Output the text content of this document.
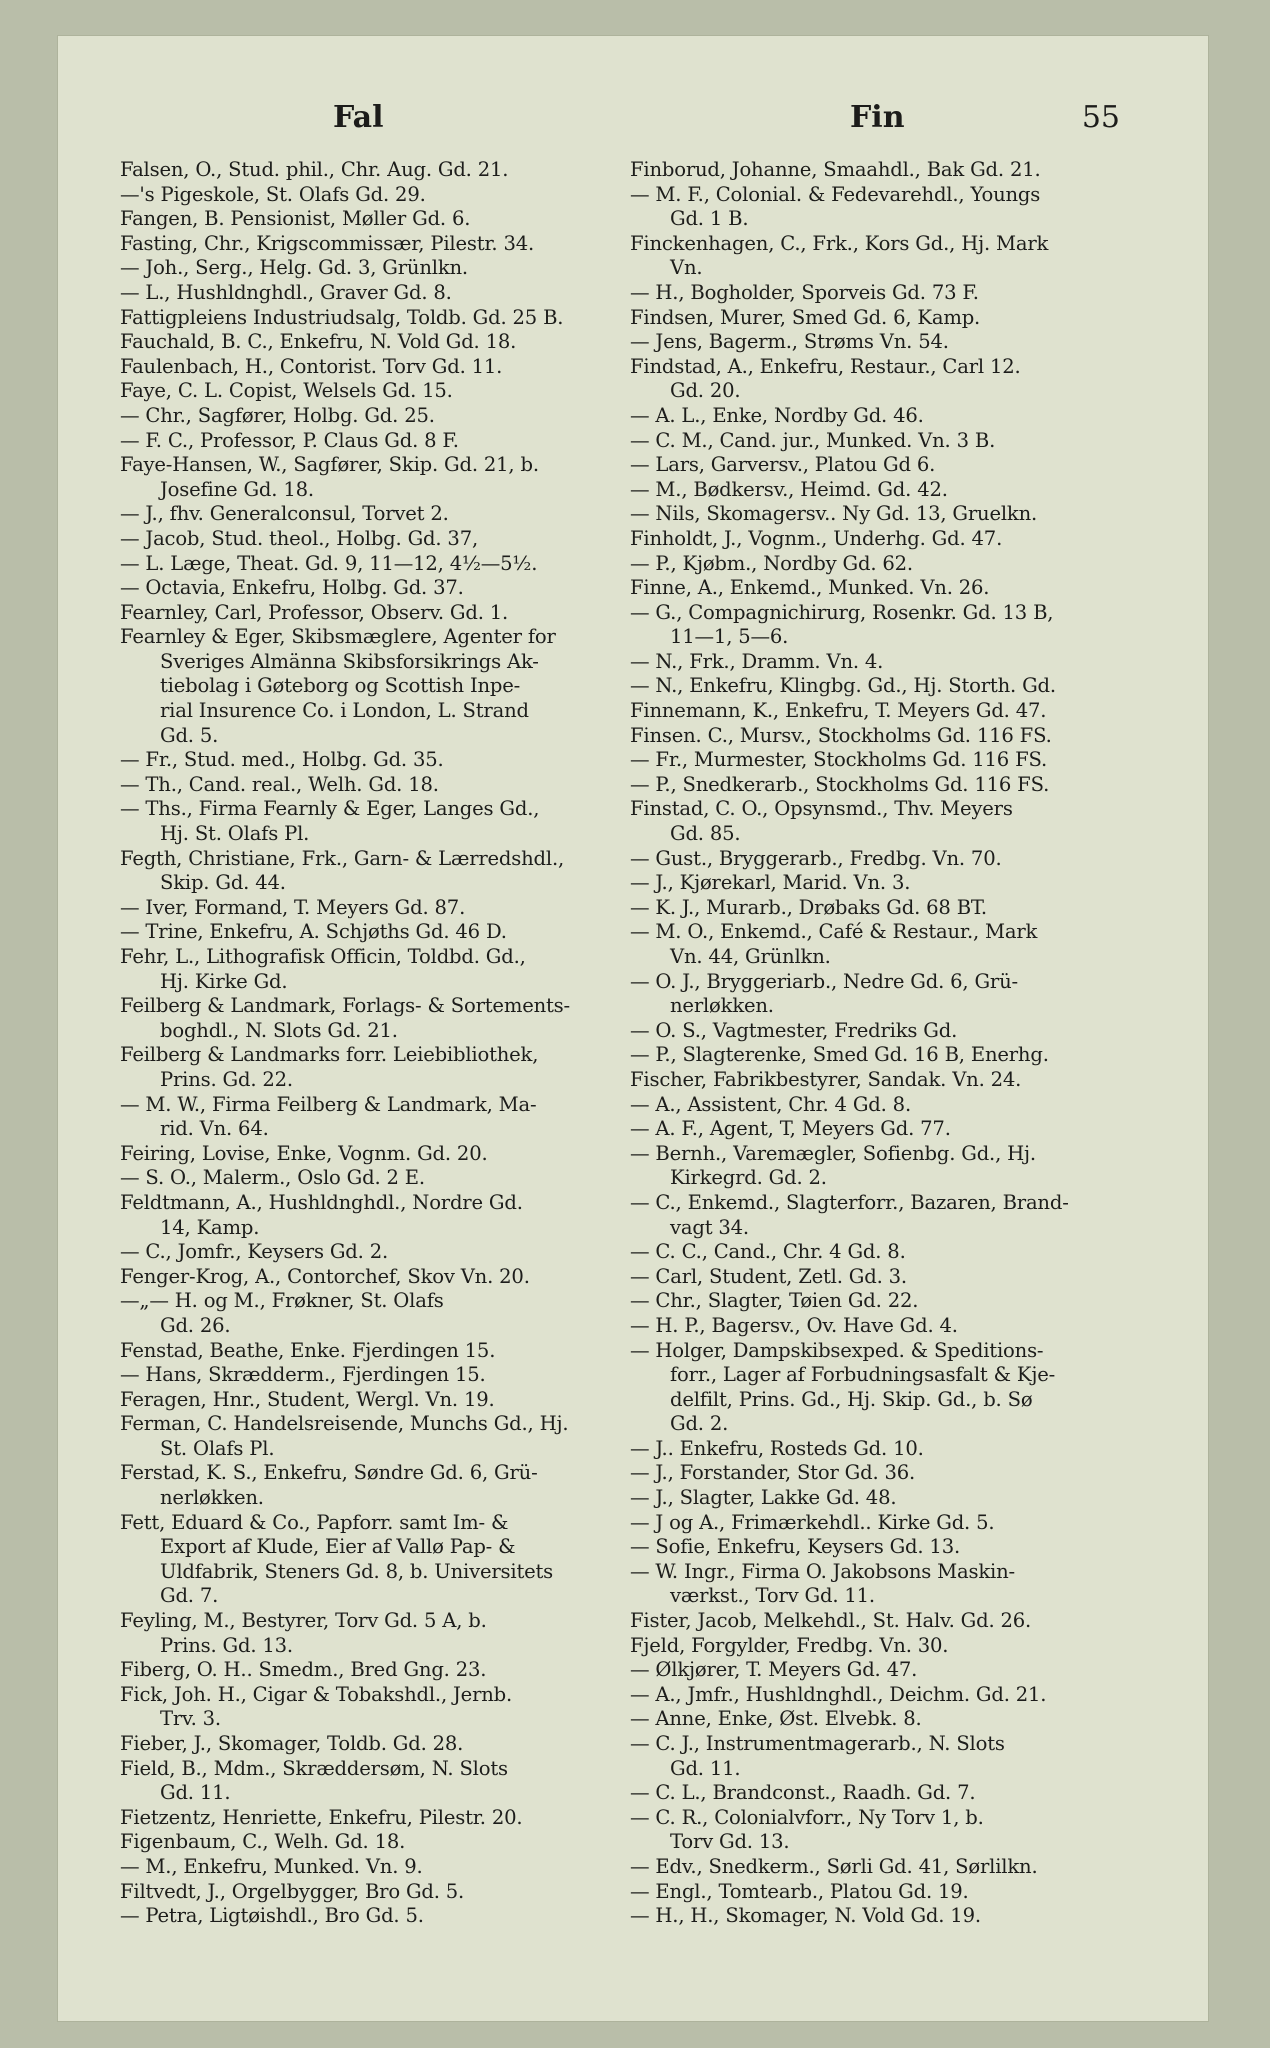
Fal	Fin	55
Falsen, O., Stud. phil., Chr. Aug. Gd. 21.
—'s Pigeskole, St. Olafs Gd. 29.
Fangen, B. Pensionist, Møller Gd. 6.
Fasting, Chr., Krigscommissær, Pilestr. 34.
— Joh., Serg., Helg. Gd. 3, Grünlkn.
— L., Hushldnghdl., Graver Gd. 8.
Fattigpleiens Industriudsalg, Toldb. Gd. 25 B.
Fauchald, B. C., Enkefru, N. Vold Gd. 18.
Faulenbach, H., Contorist. Torv Gd. 11.
Faye, C. L. Copist, Welsels Gd. 15.
— Chr., Sagfører, Holbg. Gd. 25.
— F. C., Professor, P. Claus Gd. 8 F.
Faye-Hansen, W., Sagfører, Skip. Gd. 21, b.
Josefine Gd. 18.
— J., fhv. Generalconsul, Torvet 2.
— Jacob, Stud. theol., Holbg. Gd. 37,
— L. Læge, Theat. Gd. 9, 11—12, 4½—5½.
— Octavia, Enkefru, Holbg. Gd. 37.
Fearnley, Carl, Professor, Observ. Gd. 1.
Fearnley & Eger, Skibsmæglere, Agenter for
Sveriges Almänna Skibsforsikrings Ak-
tiebolag i Gøteborg og Scottish Inpe-
rial Insurence Co. i London, L. Strand
Gd. 5.
— Fr., Stud. med., Holbg. Gd. 35.
— Th., Cand. real., Welh. Gd. 18.
— Ths., Firma Fearnly & Eger, Langes Gd.,
Hj. St. Olafs Pl.
Fegth, Christiane, Frk., Garn- & Lærredshdl.,
Skip. Gd. 44.
— Iver, Formand, T. Meyers Gd. 87.
— Trine, Enkefru, A. Schjøths Gd. 46 D.
Fehr, L., Lithografisk Officin, Toldbd. Gd.,
Hj. Kirke Gd.
Feilberg & Landmark, Forlags- & Sortements-
boghdl., N. Slots Gd. 21.
Feilberg & Landmarks forr. Leiebibliothek,
Prins. Gd. 22.
— M. W., Firma Feilberg & Landmark, Ma-
rid. Vn. 64.
Feiring, Lovise, Enke, Vognm. Gd. 20.
— S. O., Malerm., Oslo Gd. 2 E.
Feldtmann, A., Hushldnghdl., Nordre Gd.
14, Kamp.
— C., Jomfr., Keysers Gd. 2.
Fenger-Krog, A., Contorchef, Skov Vn. 20.
—„— H. og M., Frøkner, St. Olafs
Gd. 26.
Fenstad, Beathe, Enke. Fjerdingen 15.
— Hans, Skrædderm., Fjerdingen 15.
Feragen, Hnr., Student, Wergl. Vn. 19.
Ferman, C. Handelsreisende, Munchs Gd., Hj.
St. Olafs Pl.
Ferstad, K. S., Enkefru, Søndre Gd. 6, Grü-
nerløkken.
Fett, Eduard & Co., Papforr. samt Im- &
Export af Klude, Eier af Vallø Pap- &
Uldfabrik, Steners Gd. 8, b. Universitets
Gd. 7.
Feyling, M., Bestyrer, Torv Gd. 5 A, b.
Prins. Gd. 13.
Fiberg, O. H.. Smedm., Bred Gng. 23.
Fick, Joh. H., Cigar & Tobakshdl., Jernb.
Trv. 3.
Fieber, J., Skomager, Toldb. Gd. 28.
Field, B., Mdm., Skræddersøm, N. Slots
Gd. 11.
Fietzentz, Henriette, Enkefru, Pilestr. 20.
Figenbaum, C., Welh. Gd. 18.
— M., Enkefru, Munked. Vn. 9.
Filtvedt, J., Orgelbygger, Bro Gd. 5.
— Petra, Ligtøishdl., Bro Gd. 5.
Finborud, Johanne, Smaahdl., Bak Gd. 21.
— M. F., Colonial. & Fedevarehdl., Youngs
Gd. 1 B.
Finckenhagen, C., Frk., Kors Gd., Hj. Mark
Vn.
— H., Bogholder, Sporveis Gd. 73 F.
Findsen, Murer, Smed Gd. 6, Kamp.
— Jens, Bagerm., Strøms Vn. 54.
Findstad, A., Enkefru, Restaur., Carl 12.
Gd. 20.
— A. L., Enke, Nordby Gd. 46.
— C. M., Cand. jur., Munked. Vn. 3 B.
— Lars, Garversv., Platou Gd 6.
— M., Bødkersv., Heimd. Gd. 42.
— Nils, Skomagersv.. Ny Gd. 13, Gruelkn.
Finholdt, J., Vognm., Underhg. Gd. 47.
— P., Kjøbm., Nordby Gd. 62.
Finne, A., Enkemd., Munked. Vn. 26.
— G., Compagnichirurg, Rosenkr. Gd. 13 B,
11—1, 5—6.
— N., Frk., Dramm. Vn. 4.
— N., Enkefru, Klingbg. Gd., Hj. Storth. Gd.
Finnemann, K., Enkefru, T. Meyers Gd. 47.
Finsen. C., Mursv., Stockholms Gd. 116 FS.
— Fr., Murmester, Stockholms Gd. 116 FS.
— P., Snedkerarb., Stockholms Gd. 116 FS.
Finstad, C. O., Opsynsmd., Thv. Meyers
Gd. 85.
— Gust., Bryggerarb., Fredbg. Vn. 70.
— J., Kjørekarl, Marid. Vn. 3.
— K. J., Murarb., Drøbaks Gd. 68 BT.
— M. O., Enkemd., Café & Restaur., Mark
Vn. 44, Grünlkn.
— O. J., Bryggeriarb., Nedre Gd. 6, Grü-
nerløkken.
— O. S., Vagtmester, Fredriks Gd.
— P., Slagterenke, Smed Gd. 16 B, Enerhg.
Fischer, Fabrikbestyrer, Sandak. Vn. 24.
— A., Assistent, Chr. 4 Gd. 8.
— A. F., Agent, T, Meyers Gd. 77.
— Bernh., Varemægler, Sofienbg. Gd., Hj.
Kirkegrd. Gd. 2.
— C., Enkemd., Slagterforr., Bazaren, Brand-
vagt 34.
— C. C., Cand., Chr. 4 Gd. 8.
— Carl, Student, Zetl. Gd. 3.
— Chr., Slagter, Tøien Gd. 22.
— H. P., Bagersv., Ov. Have Gd. 4.
— Holger, Dampskibsexped. & Speditions-
forr., Lager af Forbudningsasfalt & Kje-
delfilt, Prins. Gd., Hj. Skip. Gd., b. Sø
Gd. 2.
— J.. Enkefru, Rosteds Gd. 10.
— J., Forstander, Stor Gd. 36.
— J., Slagter, Lakke Gd. 48.
— J og A., Frimærkehdl.. Kirke Gd. 5.
— Sofie, Enkefru, Keysers Gd. 13.
— W. Ingr., Firma O. Jakobsons Maskin-
værkst., Torv Gd. 11.
Fister, Jacob, Melkehdl., St. Halv. Gd. 26.
Fjeld, Forgylder, Fredbg. Vn. 30.
— Ølkjører, T. Meyers Gd. 47.
— A., Jmfr., Hushldnghdl., Deichm. Gd. 21.
— Anne, Enke, Øst. Elvebk. 8.
— C. J., Instrumentmagerarb., N. Slots
Gd. 11.
— C. L., Brandconst., Raadh. Gd. 7.
— C. R., Colonialvforr., Ny Torv 1, b.
Torv Gd. 13.
— Edv., Snedkerm., Sørli Gd. 41, Sørlilkn.
— Engl., Tomtearb., Platou Gd. 19.
— H., H., Skomager, N. Vold Gd. 19.
